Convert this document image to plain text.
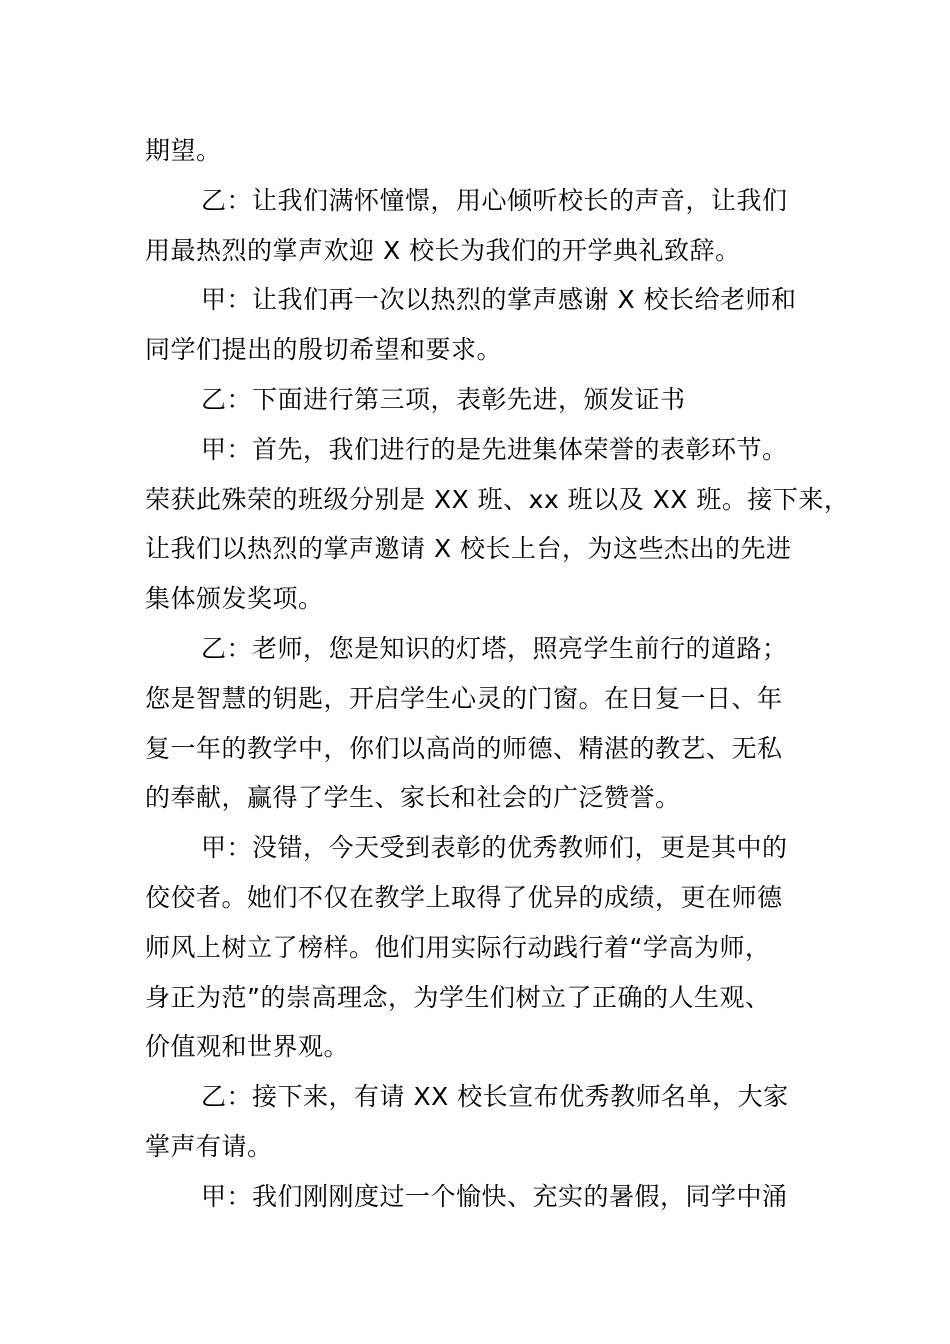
期望。
乙：让我们满怀憧憬，用心倾听校长的声音，让我们
用最热烈的掌声欢迎 X 校长为我们的开学典礼致辞。
甲：让我们再一次以热烈的掌声感谢 X 校长给老师和
同学们提出的殷切希望和要求。
乙：下面进行第三项，表彰先进，颁发证书
甲：首先，我们进行的是先进集体荣誉的表彰环节。
荣获此殊荣的班级分别是 XX 班、xx 班以及 XX 班。接下来，
让我们以热烈的掌声邀请 X 校长上台，为这些杰出的先进
集体颁发奖项。
乙：老师，您是知识的灯塔，照亮学生前行的道路；
您是智慧的钥匙，开启学生心灵的门窗。在日复一日、年
复一年的教学中，你们以高尚的师德、精湛的教艺、无私
的奉献，赢得了学生、家长和社会的广泛赞誉。
甲：没错，今天受到表彰的优秀教师们，更是其中的
佼佼者。她们不仅在教学上取得了优异的成绩，更在师德
师风上树立了榜样。他们用实际行动践行着“学高为师，
身正为范”的崇高理念，为学生们树立了正确的人生观、
价值观和世界观。
乙：接下来，有请 XX 校长宣布优秀教师名单，大家
掌声有请。
甲：我们刚刚度过一个愉快、充实的暑假，同学中涌
